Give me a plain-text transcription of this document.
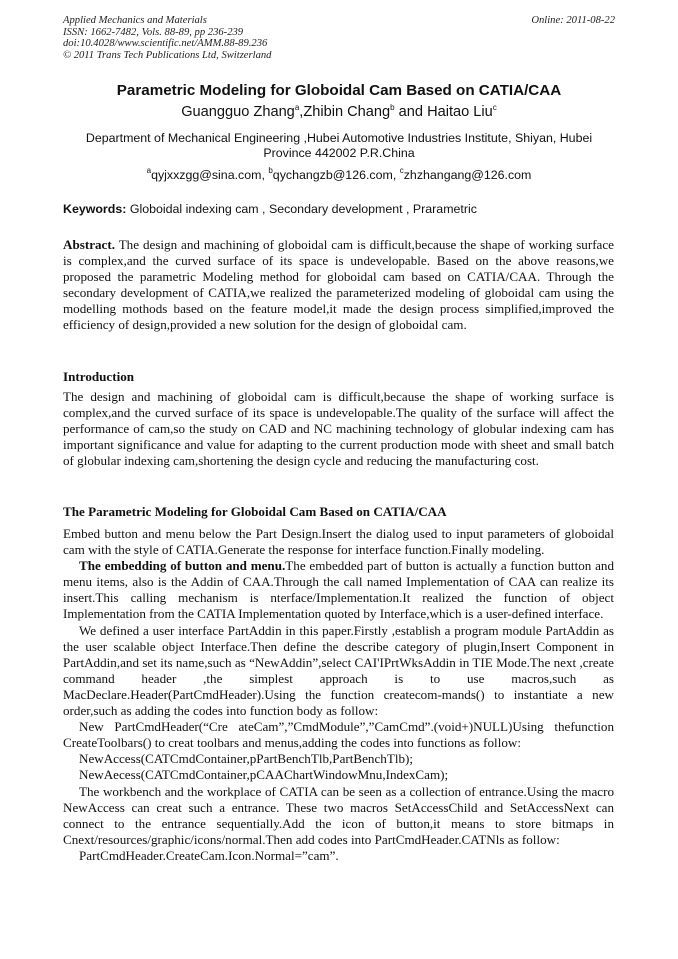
Applied Mechanics and Materials
ISSN: 1662-7482, Vols. 88-89, pp 236-239
doi:10.4028/www.scientific.net/AMM.88-89.236
© 2011 Trans Tech Publications Ltd, Switzerland
Online: 2011-08-22
Parametric Modeling for Globoidal Cam Based on CATIA/CAA
Guangguo Zhang$^a$,Zhibin Chang$^b$ and Haitao Liu$^c$
Department of Mechanical Engineering ,Hubei Automotive Industries Institute, Shiyan, Hubei Province 442002 P.R.China
$^a$qyjxxzgg@sina.com, $^b$qychangzb@126.com, $^c$zhzhangang@126.com
Keywords: Globoidal indexing cam , Secondary development , Prarametric

Abstract. The design and machining of globoidal cam is difficult,because the shape of working surface is complex,and the curved surface of its space is undevelopable. Based on the above reasons,we proposed the parametric Modeling method for globoidal cam based on CATIA/CAA. Through the secondary development of CATIA,we realized the parameterized modeling of globoidal cam using the modelling mothods based on the feature model,it made the design process simplified,improved the efficiency of design,provided a new solution for the design of globoidal cam.

Introduction

The design and machining of globoidal cam is difficult,because the shape of working surface is complex,and the curved surface of its space is undevelopable.The quality of the surface will affect the performance of cam,so the study on CAD and NC machining technology of globular indexing cam has important significance and value for adapting to the current production mode with sheet and small batch of globular indexing cam,shortening the design cycle and reducing the manufacturing cost.

The Parametric Modeling for Globoidal Cam Based on CATIA/CAA

Embed button and menu below the Part Design.Insert the dialog used to input parameters of globoidal cam with the style of CATIA.Generate the response for interface function.Finally modeling.

The embedding of button and menu.The embedded part of button is actually a function button and menu items, also is the Addin of CAA.Through the call named Implementation of CAA can realize its insert.This calling mechanism is nterface/Implementation.It realized the function of object Implementation from the CATIA Implementation quoted by Interface,which is a user-defined interface.

We defined a user interface PartAddin in this paper.Firstly ,establish a program module PartAddin as the user scalable object Interface.Then define the describe category of plugin,Insert Component in PartAddin,and set its name,such as “NewAddin”,select CAI'IPrtWksAddin in TIE Mode.The next ,create command header ,the simplest approach is to use macros,such as MacDeclare.Header(PartCmdHeader).Using the function createcom-mands() to instantiate a new order,such as adding the codes into function body as follow:

New PartCmdHeader(“Cre ateCam”,”CmdModule”,”CamCmd”.(void+)NULL)Using thefunction CreateToolbars() to creat toolbars and menus,adding the codes into functions as follow:

NewAccess(CATCmdContainer,pPartBenchTlb,PartBenchTlb);

NewAecess(CATCmdContainer,pCAAChartWindowMnu,IndexCam);

The workbench and the workplace of CATIA can be seen as a collection of entrance.Using the macro NewAccess can creat such a entrance. These two macros SetAccessChild and SetAccessNext can connect to the entrance sequentially.Add the icon of button,it means to store bitmaps in Cnext/resources/graphic/icons/normal.Then add codes into PartCmdHeader.CATNls as follow:

PartCmdHeader.CreateCam.Icon.Normal=”cam”.
